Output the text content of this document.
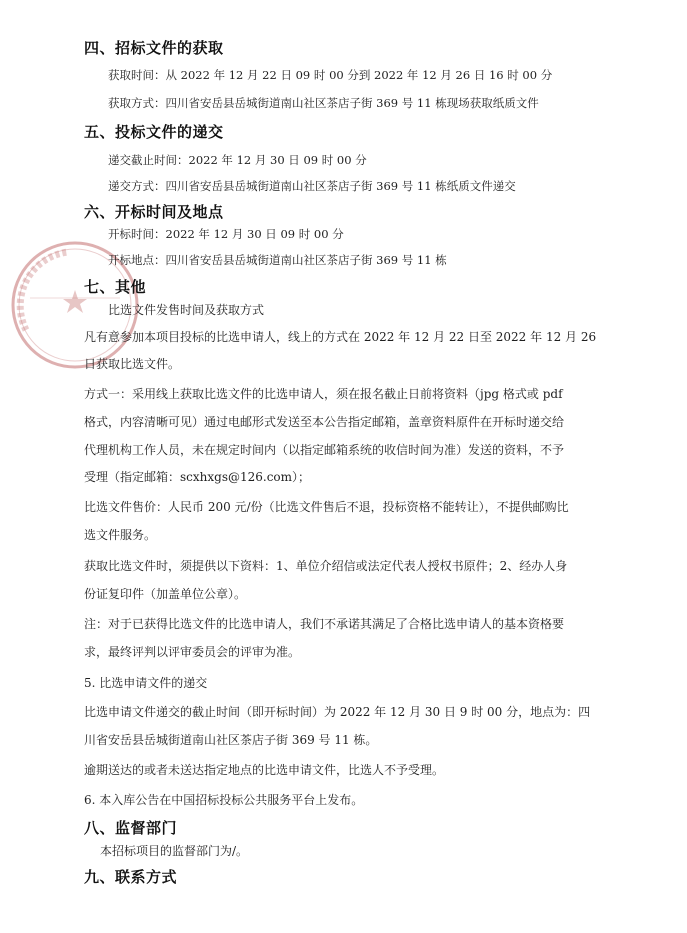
四、招标文件的获取
获取时间：从 2022 年 12 月 22 日 09 时 00 分到 2022 年 12 月 26 日 16 时 00 分
获取方式：四川省安岳县岳城街道南山社区茶店子街 369 号 11 栋现场获取纸质文件
五、投标文件的递交
递交截止时间：2022 年 12 月 30 日 09 时 00 分
递交方式：四川省安岳县岳城街道南山社区茶店子街 369 号 11 栋纸质文件递交
六、开标时间及地点
开标时间：2022 年 12 月 30 日 09 时 00 分
开标地点：四川省安岳县岳城街道南山社区茶店子街 369 号 11 栋
七、其他
比选文件发售时间及获取方式
凡有意参加本项目投标的比选申请人，线上的方式在 2022 年 12 月 22 日至 2022 年 12 月 26
日获取比选文件。
方式一：采用线上获取比选文件的比选申请人，须在报名截止日前将资料（jpg 格式或 pdf
格式，内容清晰可见）通过电邮形式发送至本公告指定邮箱，盖章资料原件在开标时递交给
代理机构工作人员，未在规定时间内（以指定邮箱系统的收信时间为准）发送的资料，不予
受理（指定邮箱：scxhxgs@126.com）；
比选文件售价：人民币 200 元/份（比选文件售后不退，投标资格不能转让），不提供邮购比
选文件服务。
获取比选文件时，须提供以下资料：1、单位介绍信或法定代表人授权书原件；2、经办人身
份证复印件（加盖单位公章）。
注：对于已获得比选文件的比选申请人，我们不承诺其满足了合格比选申请人的基本资格要
求，最终评判以评审委员会的评审为准。
5. 比选申请文件的递交
比选申请文件递交的截止时间（即开标时间）为 2022 年 12 月 30 日 9 时 00 分，地点为：四
川省安岳县岳城街道南山社区茶店子街 369 号 11 栋。
逾期送达的或者未送达指定地点的比选申请文件，比选人不予受理。
6. 本入库公告在中国招标投标公共服务平台上发布。
八、监督部门
本招标项目的监督部门为/。
九、联系方式
